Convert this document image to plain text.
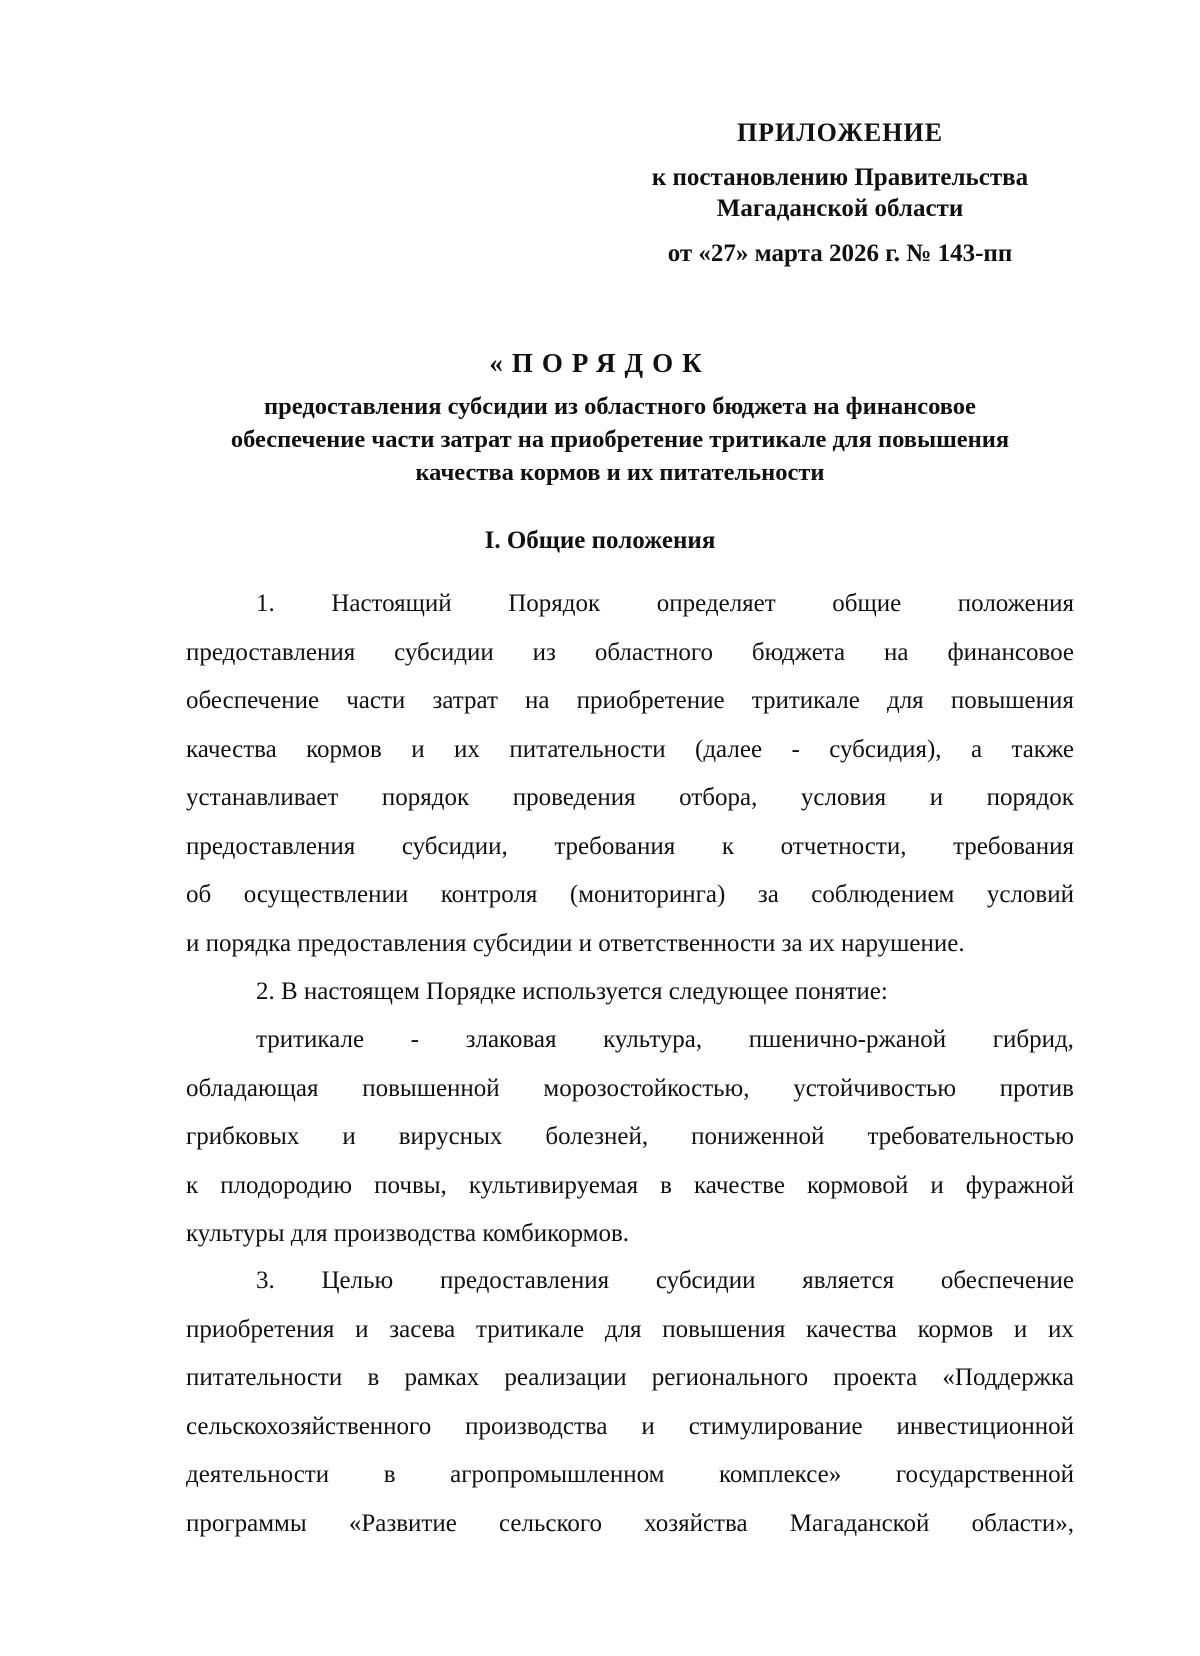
ПРИЛОЖЕНИЕ
к постановлению Правительства
Магаданской области
от «27» марта 2026 г. № 143-пп
«ПОРЯДОК
предоставления субсидии из областного бюджета на финансовое
обеспечение части затрат на приобретение тритикале для повышения
качества кормов и их питательности
I. Общие положения
1. Настоящий Порядок определяет общие положения
предоставления субсидии из областного бюджета на финансовое
обеспечение части затрат на приобретение тритикале для повышения
качества кормов и их питательности (далее - субсидия), а также
устанавливает порядок проведения отбора, условия и порядок
предоставления субсидии, требования к отчетности, требования
об осуществлении контроля (мониторинга) за соблюдением условий
и порядка предоставления субсидии и ответственности за их нарушение.
2. В настоящем Порядке используется следующее понятие:
тритикале - злаковая культура, пшенично-ржаной гибрид,
обладающая повышенной морозостойкостью, устойчивостью против
грибковых и вирусных болезней, пониженной требовательностью
к плодородию почвы, культивируемая в качестве кормовой и фуражной
культуры для производства комбикормов.
3. Целью предоставления субсидии является обеспечение
приобретения и засева тритикале для повышения качества кормов и их
питательности в рамках реализации регионального проекта «Поддержка
сельскохозяйственного производства и стимулирование инвестиционной
деятельности в агропромышленном комплексе» государственной
программы «Развитие сельского хозяйства Магаданской области»,
